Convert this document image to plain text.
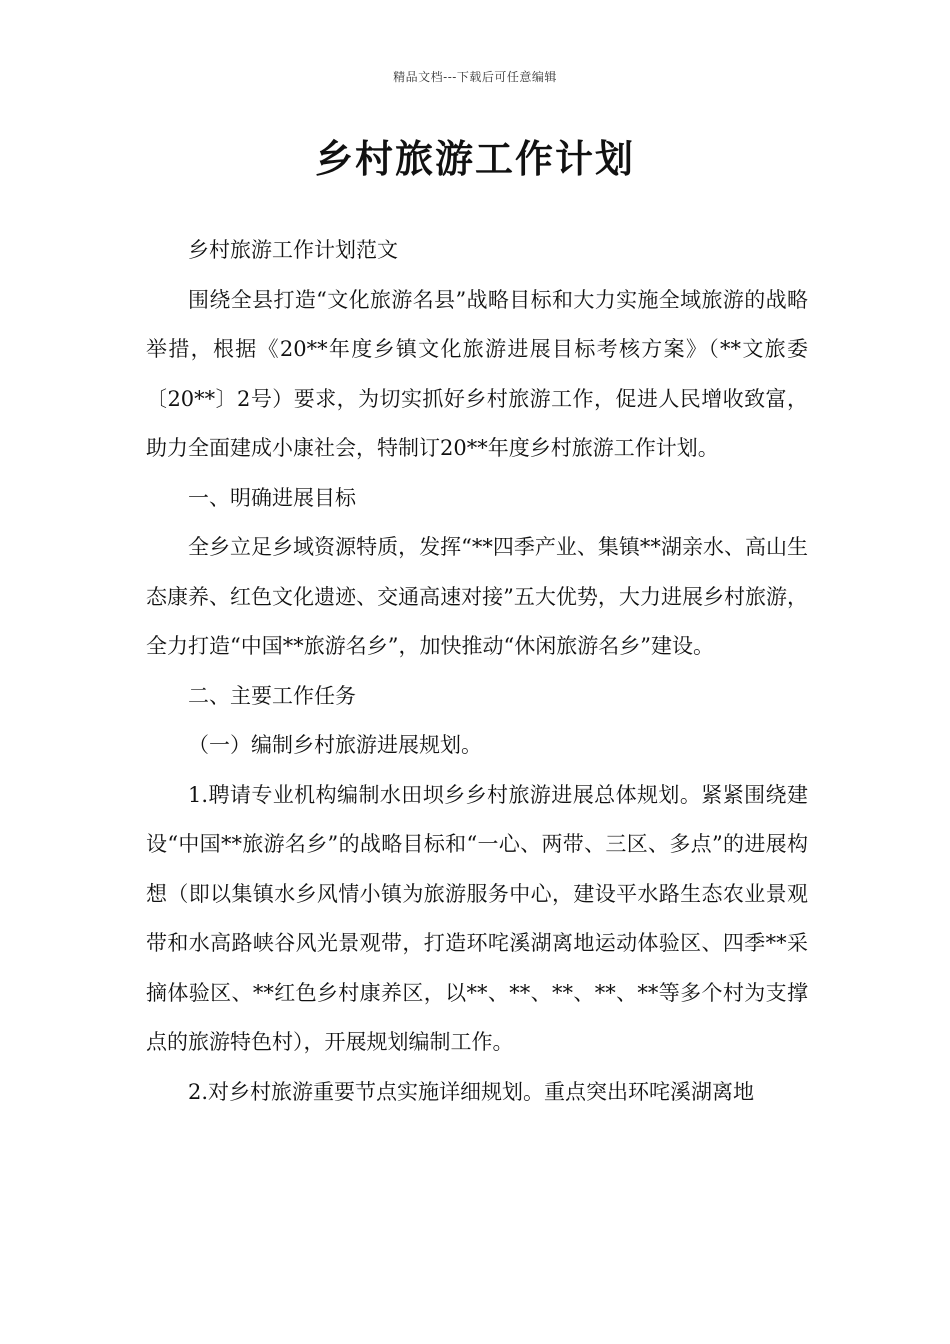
精品文档---下载后可任意编辑
乡村旅游工作计划

乡村旅游工作计划范文

围绕全县打造“文化旅游名县”战略目标和大力实施全域旅游的战略举措，根据《20**年度乡镇文化旅游进展目标考核方案》（**文旅委〔20**〕2号）要求，为切实抓好乡村旅游工作，促进人民增收致富，助力全面建成小康社会，特制订20**年度乡村旅游工作计划。

一、明确进展目标

全乡立足乡域资源特质，发挥“**四季产业、集镇**湖亲水、高山生态康养、红色文化遗迹、交通高速对接”五大优势，大力进展乡村旅游，全力打造“中国**旅游名乡”，加快推动“休闲旅游名乡”建设。

二、主要工作任务

（一）编制乡村旅游进展规划。

1.聘请专业机构编制水田坝乡乡村旅游进展总体规划。紧紧围绕建设“中国**旅游名乡”的战略目标和“一心、两带、三区、多点”的进展构想（即以集镇水乡风情小镇为旅游服务中心，建设平水路生态农业景观带和水高路峡谷风光景观带，打造环咤溪湖离地运动体验区、四季**采摘体验区、**红色乡村康养区，以**、**、**、**、**等多个村为支撑点的旅游特色村），开展规划编制工作。

2.对乡村旅游重要节点实施详细规划。重点突出环咤溪湖离地
